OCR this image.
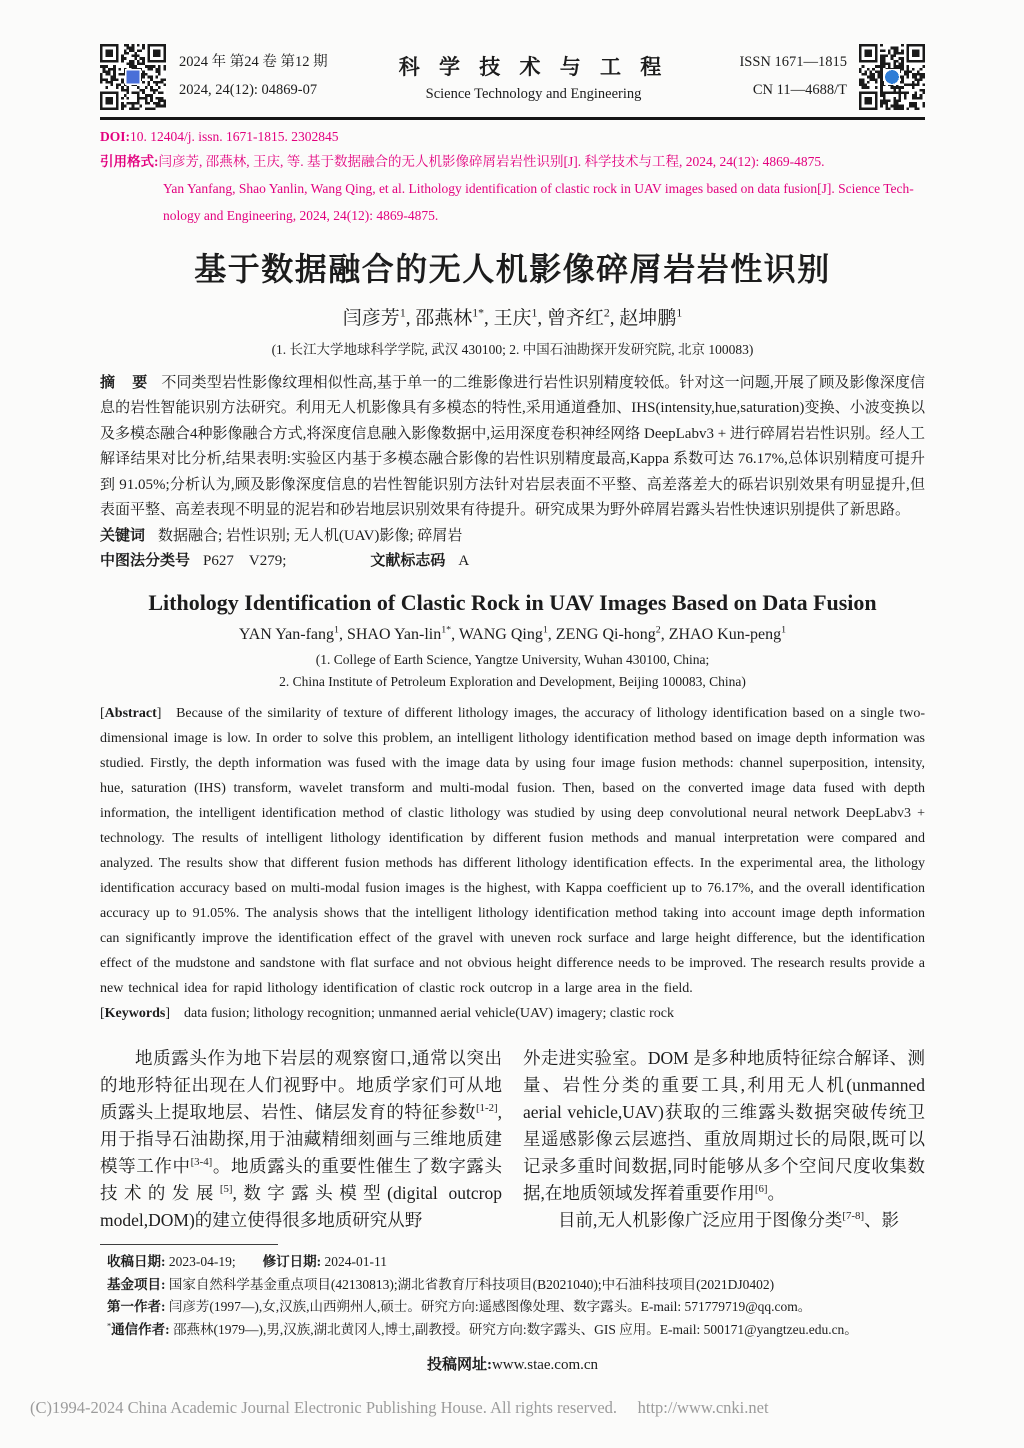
2024 年 第24 卷 第12 期
2024, 24(12): 04869-07
科 学 技 术 与 工 程
Science Technology and Engineering
ISSN 1671—1815
CN 11—4688/T
DOI:10. 12404/j. issn. 1671-1815. 2302845
引用格式:闫彦芳, 邵燕林, 王庆, 等. 基于数据融合的无人机影像碎屑岩岩性识别[J]. 科学技术与工程, 2024, 24(12): 4869-4875.
Yan Yanfang, Shao Yanlin, Wang Qing, et al. Lithology identification of clastic rock in UAV images based on data fusion[J]. Science Tech-
nology and Engineering, 2024, 24(12): 4869-4875.
基于数据融合的无人机影像碎屑岩岩性识别
闫彦芳$^1$, 邵燕林$^{1*}$, 王庆$^1$, 曾齐红$^2$, 赵坤鹏$^1$
(1. 长江大学地球科学学院, 武汉 430100; 2. 中国石油勘探开发研究院, 北京 100083)
摘　要 不同类型岩性影像纹理相似性高,基于单一的二维影像进行岩性识别精度较低。针对这一问题,开展了顾及影像深度信息的岩性智能识别方法研究。利用无人机影像具有多模态的特性,采用通道叠加、IHS(intensity,hue,saturation)变换、小波变换以及多模态融合4种影像融合方式,将深度信息融入影像数据中,运用深度卷积神经网络 DeepLabv3 + 进行碎屑岩岩性识别。经人工解译结果对比分析,结果表明:实验区内基于多模态融合影像的岩性识别精度最高,Kappa 系数可达 76.17%,总体识别精度可提升到 91.05%;分析认为,顾及影像深度信息的岩性智能识别方法针对岩层表面不平整、高差落差大的砾岩识别效果有明显提升,但表面平整、高差表现不明显的泥岩和砂岩地层识别效果有待提升。研究成果为野外碎屑岩露头岩性快速识别提供了新思路。
关键词 数据融合; 岩性识别; 无人机(UAV)影像; 碎屑岩
中图法分类号 P627　V279;	文献标志码 A
Lithology Identification of Clastic Rock in UAV Images Based on Data Fusion
YAN Yan-fang$^1$, SHAO Yan-lin$^{1*}$, WANG Qing$^1$, ZENG Qi-hong$^2$, ZHAO Kun-peng$^1$
(1. College of Earth Science, Yangtze University, Wuhan 430100, China;
2. China Institute of Petroleum Exploration and Development, Beijing 100083, China)
[Abstract]　Because of the similarity of texture of different lithology images, the accuracy of lithology identification based on a single two-dimensional image is low. In order to solve this problem, an intelligent lithology identification method based on image depth information was studied. Firstly, the depth information was fused with the image data by using four image fusion methods: channel superposition, intensity, hue, saturation (IHS) transform, wavelet transform and multi-modal fusion. Then, based on the converted image data fused with depth information, the intelligent identification method of clastic lithology was studied by using deep convolutional neural network DeepLabv3 + technology. The results of intelligent lithology identification by different fusion methods and manual interpretation were compared and analyzed. The results show that different fusion methods has different lithology identification effects. In the experimental area, the lithology identification accuracy based on multi-modal fusion images is the highest, with Kappa coefficient up to 76.17%, and the overall identification accuracy up to 91.05%. The analysis shows that the intelligent lithology identification method taking into account image depth information can significantly improve the identification effect of the gravel with uneven rock surface and large height difference, but the identification effect of the mudstone and sandstone with flat surface and not obvious height difference needs to be improved. The research results provide a new technical idea for rapid lithology identification of clastic rock outcrop in a large area in the field.
[Keywords]　data fusion; lithology recognition; unmanned aerial vehicle(UAV) imagery; clastic rock

地质露头作为地下岩层的观察窗口,通常以突出的地形特征出现在人们视野中。地质学家们可从地质露头上提取地层、岩性、储层发育的特征参数[1-2],用于指导石油勘探,用于油藏精细刻画与三维地质建模等工作中[3-4]。地质露头的重要性催生了数字露头技术的发展[5],数字露头模型(digital outcrop model,DOM)的建立使得很多地质研究从野

外走进实验室。DOM 是多种地质特征综合解译、测量、岩性分类的重要工具,利用无人机(unmanned aerial vehicle,UAV)获取的三维露头数据突破传统卫星遥感影像云层遮挡、重放周期过长的局限,既可以记录多重时间数据,同时能够从多个空间尺度收集数据,在地质领域发挥着重要作用[6]。

目前,无人机影像广泛应用于图像分类[7-8]、影

收稿日期: 2023-04-19;　　修订日期: 2024-01-11
基金项目: 国家自然科学基金重点项目(42130813);湖北省教育厅科技项目(B2021040);中石油科技项目(2021DJ0402)
第一作者: 闫彦芳(1997—),女,汉族,山西朔州人,硕士。研究方向:遥感图像处理、数字露头。E-mail: 571779719@qq.com。
*通信作者: 邵燕林(1979—),男,汉族,湖北黄冈人,博士,副教授。研究方向:数字露头、GIS 应用。E-mail: 500171@yangtzeu.edu.cn。
投稿网址:www.stae.com.cn
(C)1994-2024 China Academic Journal Electronic Publishing House. All rights reserved.　 http://www.cnki.net
